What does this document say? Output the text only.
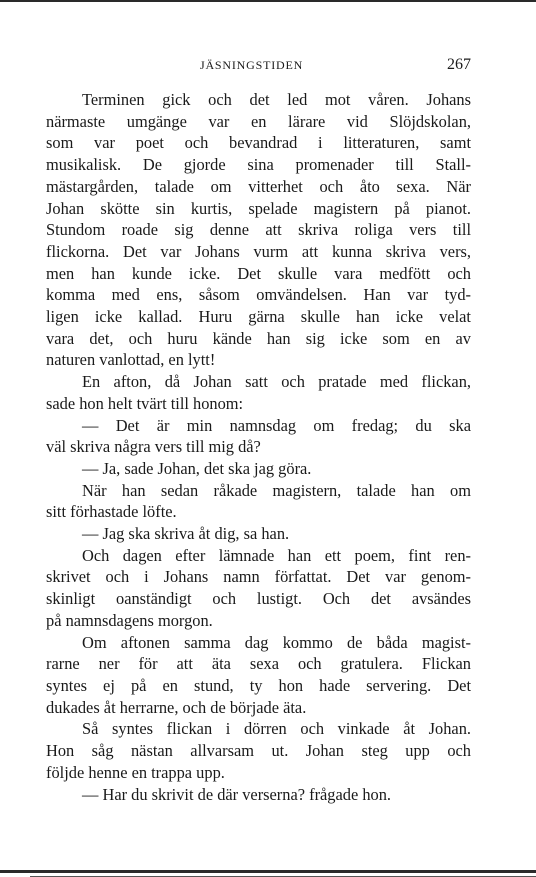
JÄSNINGSTIDEN	267

Terminen gick och det led mot våren. Johans
närmaste umgänge var en lärare vid Slöjdskolan,
som var poet och bevandrad i litteraturen, samt
musikalisk. De gjorde sina promenader till Stall-
mästargården, talade om vitterhet och åto sexa. När
Johan skötte sin kurtis, spelade magistern på pianot.
Stundom roade sig denne att skriva roliga vers till
flickorna. Det var Johans vurm att kunna skriva vers,
men han kunde icke. Det skulle vara medfött och
komma med ens, såsom omvändelsen. Han var tyd-
ligen icke kallad. Huru gärna skulle han icke velat
vara det, och huru kände han sig icke som en av
naturen vanlottad, en lytt!

En afton, då Johan satt och pratade med flickan,
sade hon helt tvärt till honom:

— Det är min namnsdag om fredag; du ska
väl skriva några vers till mig då?

— Ja, sade Johan, det ska jag göra.

När han sedan råkade magistern, talade han om
sitt förhastade löfte.

— Jag ska skriva åt dig, sa han.

Och dagen efter lämnade han ett poem, fint ren-
skrivet och i Johans namn författat. Det var genom-
skinligt oanständigt och lustigt. Och det avsändes
på namnsdagens morgon.

Om aftonen samma dag kommo de båda magist-
rarne ner för att äta sexa och gratulera. Flickan
syntes ej på en stund, ty hon hade servering. Det
dukades åt herrarne, och de började äta.

Så syntes flickan i dörren och vinkade åt Johan.
Hon såg nästan allvarsam ut. Johan steg upp och
följde henne en trappa upp.

— Har du skrivit de där verserna? frågade hon.
